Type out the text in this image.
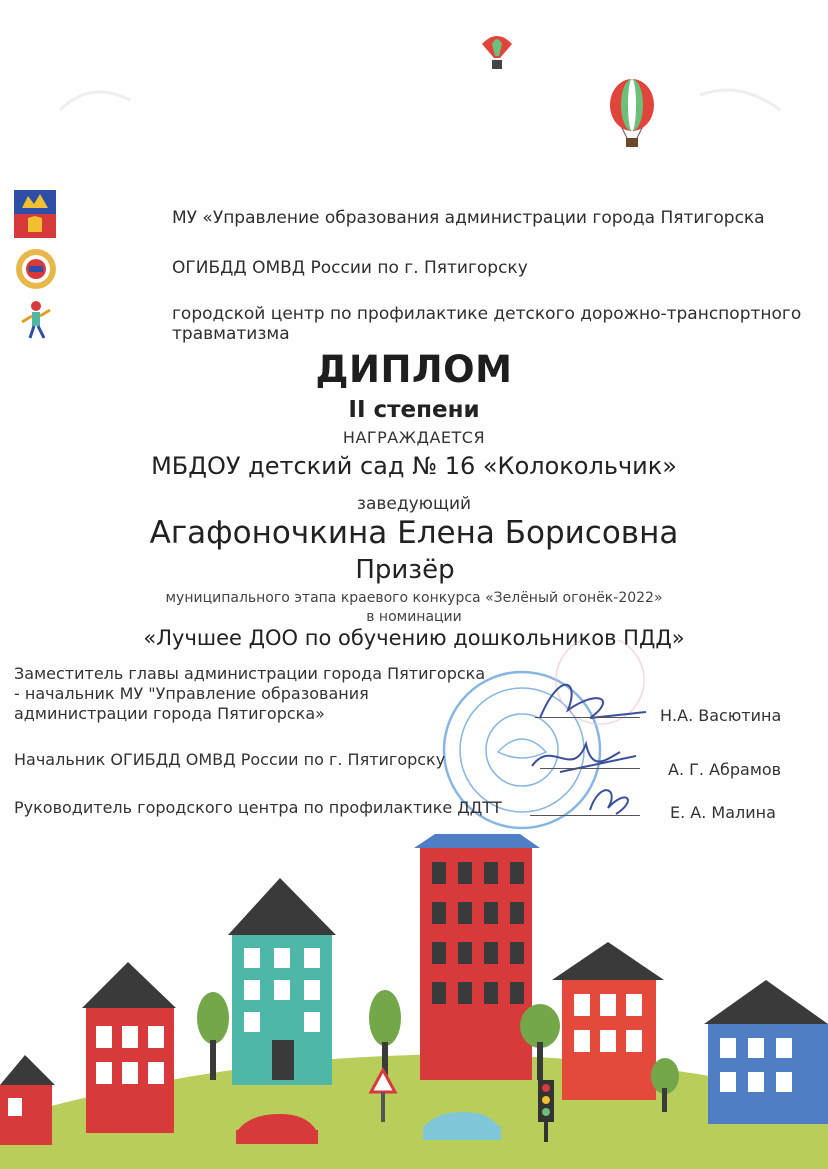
МУ «Управление образования администрации города Пятигорска
ОГИБДД ОМВД России по г. Пятигорску
городской центр по профилактике детского дорожно-транспортного травматизма
ДИПЛОМ
II степени
НАГРАЖДАЕТСЯ
МБДОУ детский сад № 16 «Колокольчик»
заведующий
Агафоночкина Елена Борисовна
Призёр
муниципального этапа краевого конкурса «Зелёный огонёк-2022»
в номинации
«Лучшее ДОО по обучению дошкольников ПДД»
Заместитель главы администрации города Пятигорска
- начальник МУ "Управление образования
администрации города Пятигорска»	Н.А. Васютина
Начальник ОГИБДД ОМВД России по г. Пятигорску
А. Г. Абрамов
Руководитель городского центра по профилактике ДДТТ	Е. А. Малина
